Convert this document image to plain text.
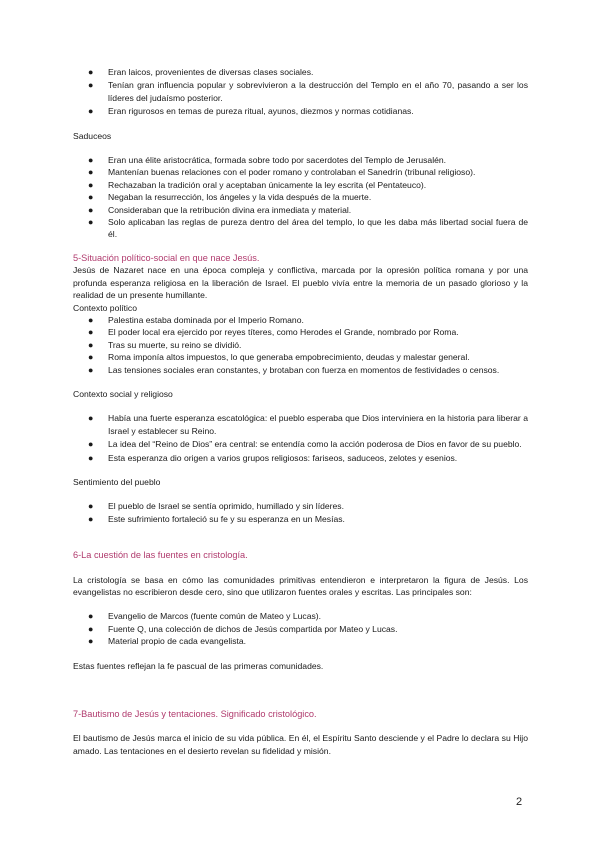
● Eran laicos, provenientes de diversas clases sociales.
● Tenían gran influencia popular y sobrevivieron a la destrucción del Templo en el año 70, pasando a ser los líderes del judaísmo posterior.
● Eran rigurosos en temas de pureza ritual, ayunos, diezmos y normas cotidianas.

Saduceos

● Eran una élite aristocrática, formada sobre todo por sacerdotes del Templo de Jerusalén.
● Mantenían buenas relaciones con el poder romano y controlaban el Sanedrín (tribunal religioso).
● Rechazaban la tradición oral y aceptaban únicamente la ley escrita (el Pentateuco).
● Negaban la resurrección, los ángeles y la vida después de la muerte.
● Consideraban que la retribución divina era inmediata y material.
● Solo aplicaban las reglas de pureza dentro del área del templo, lo que les daba más libertad social fuera de él.

5-Situación político-social en que nace Jesús.

Jesús de Nazaret nace en una época compleja y conflictiva, marcada por la opresión política romana y por una profunda esperanza religiosa en la liberación de Israel. El pueblo vivía entre la memoria de un pasado glorioso y la realidad de un presente humillante.

Contexto político

● Palestina estaba dominada por el Imperio Romano.
● El poder local era ejercido por reyes títeres, como Herodes el Grande, nombrado por Roma.
● Tras su muerte, su reino se dividió.
● Roma imponía altos impuestos, lo que generaba empobrecimiento, deudas y malestar general.
● Las tensiones sociales eran constantes, y brotaban con fuerza en momentos de festividades o censos.

Contexto social y religioso

● Había una fuerte esperanza escatológica: el pueblo esperaba que Dios interviniera en la historia para liberar a Israel y establecer su Reino.
● La idea del “Reino de Dios” era central: se entendía como la acción poderosa de Dios en favor de su pueblo.
● Esta esperanza dio origen a varios grupos religiosos: fariseos, saduceos, zelotes y esenios.

Sentimiento del pueblo

● El pueblo de Israel se sentía oprimido, humillado y sin líderes.
● Este sufrimiento fortaleció su fe y su esperanza en un Mesías.

6-La cuestión de las fuentes en cristología.

La cristología se basa en cómo las comunidades primitivas entendieron e interpretaron la figura de Jesús. Los evangelistas no escribieron desde cero, sino que utilizaron fuentes orales y escritas. Las principales son:

● Evangelio de Marcos (fuente común de Mateo y Lucas).
● Fuente Q, una colección de dichos de Jesús compartida por Mateo y Lucas.
● Material propio de cada evangelista.

Estas fuentes reflejan la fe pascual de las primeras comunidades.

7-Bautismo de Jesús y tentaciones. Significado cristológico.

El bautismo de Jesús marca el inicio de su vida pública. En él, el Espíritu Santo desciende y el Padre lo declara su Hijo amado. Las tentaciones en el desierto revelan su fidelidad y misión.

2
